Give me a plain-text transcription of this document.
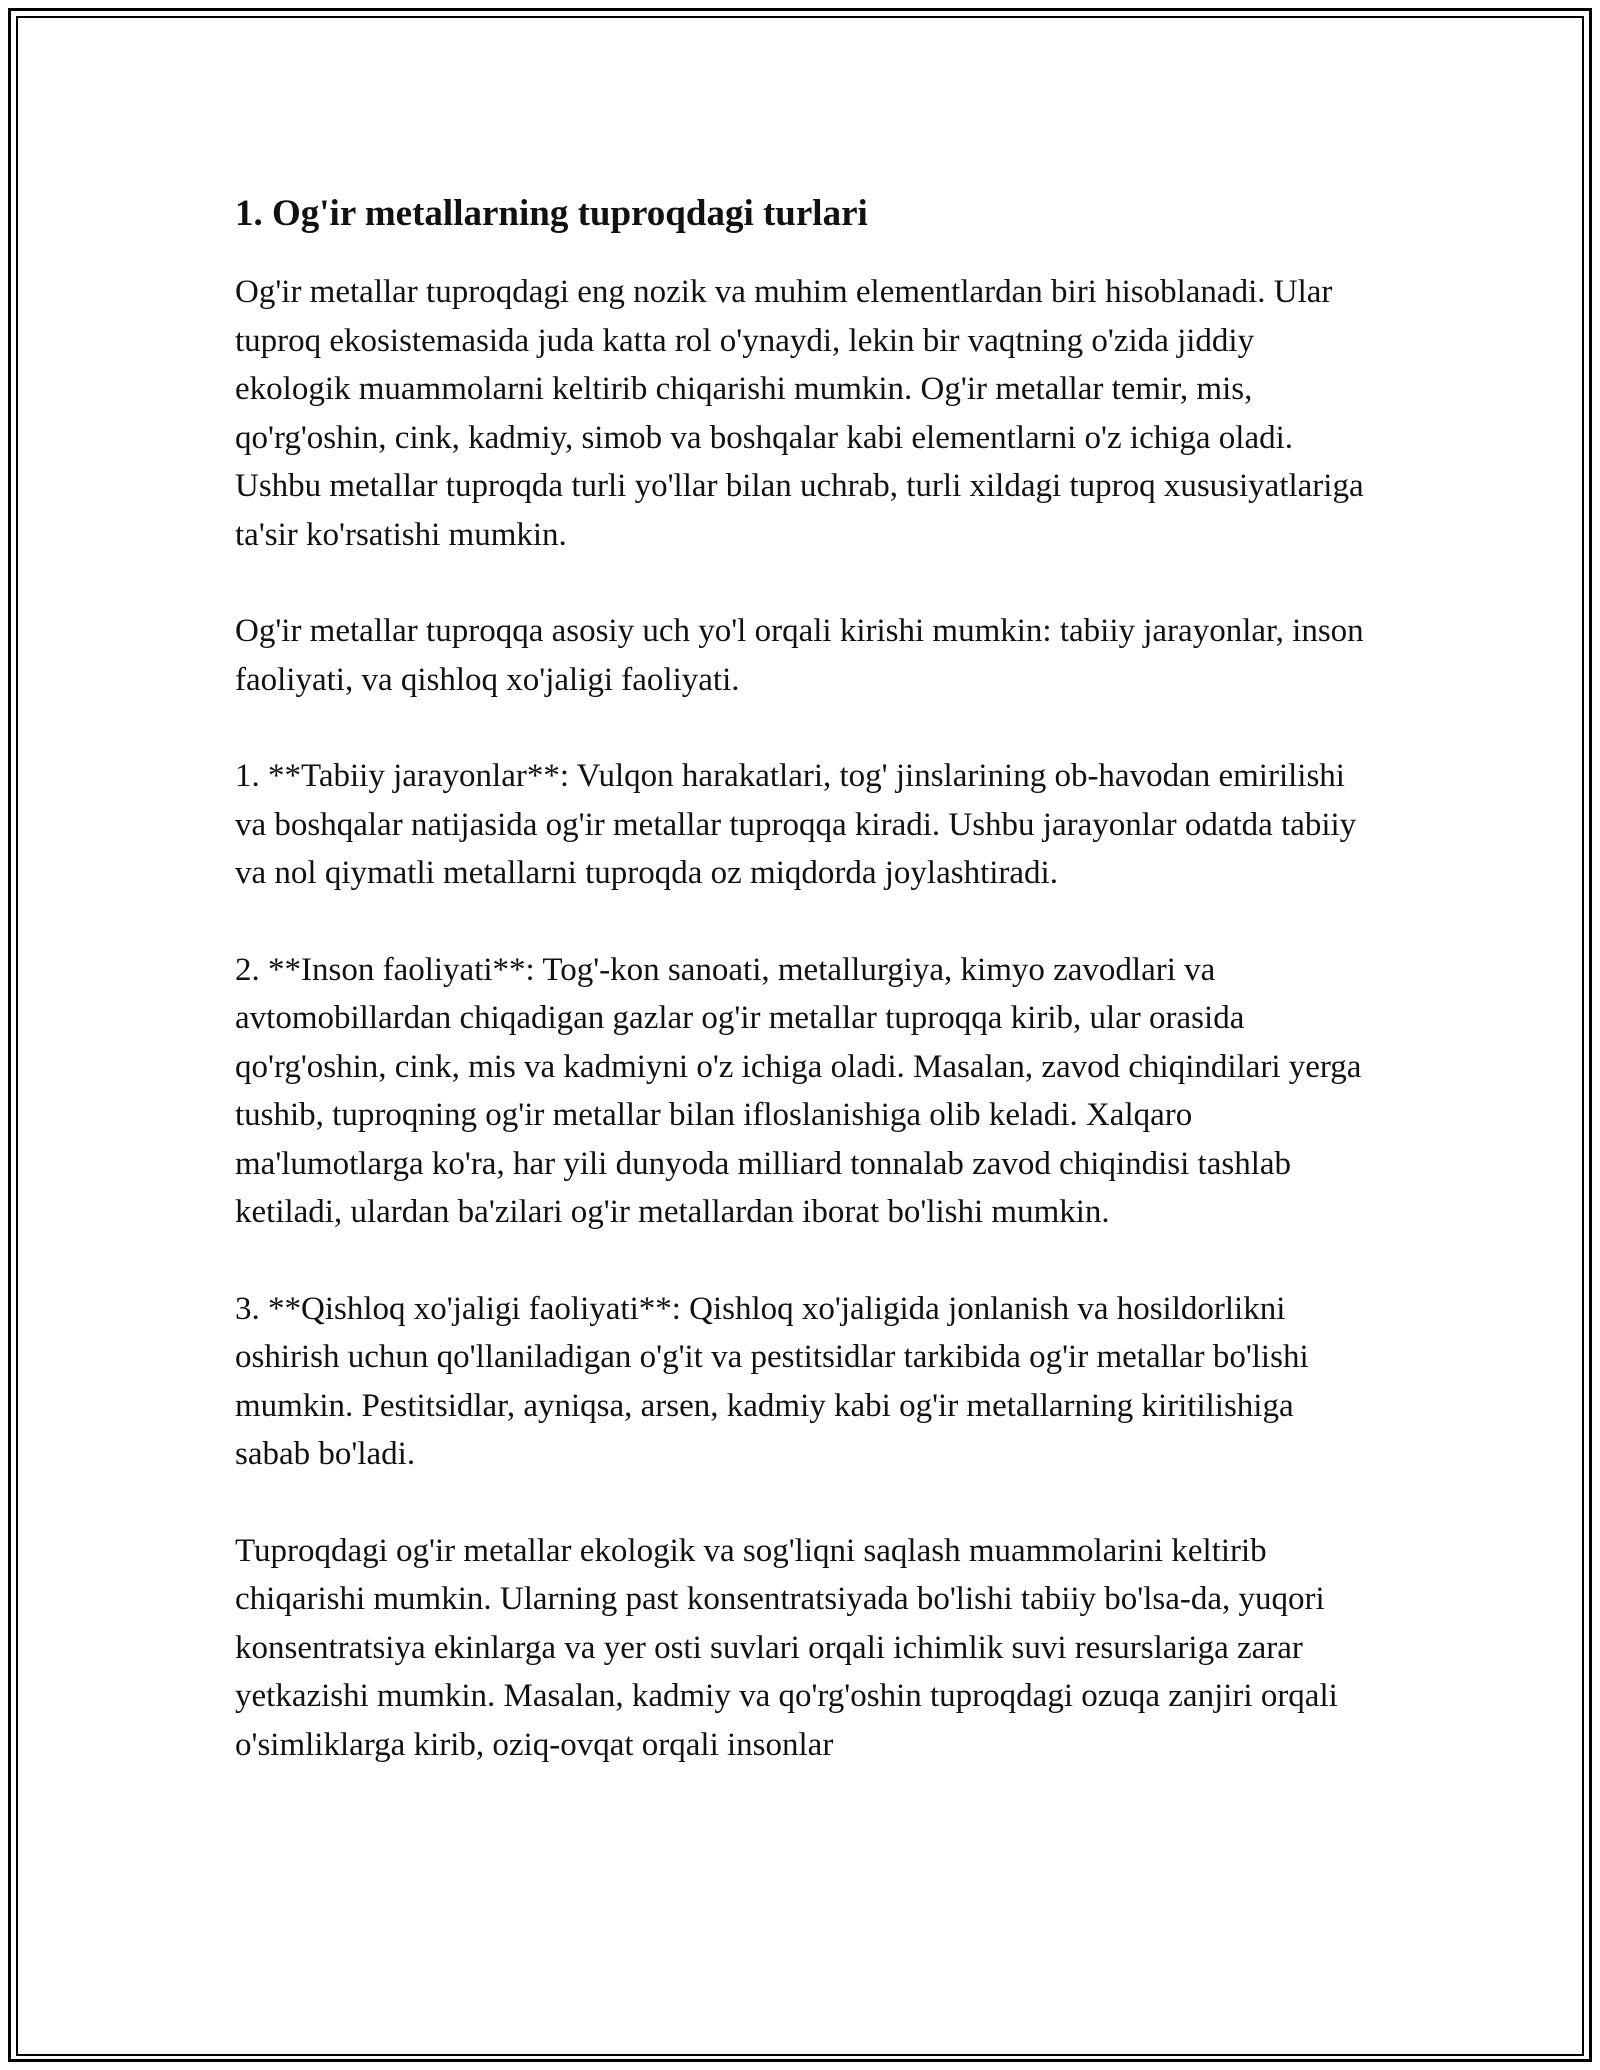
1. Og'ir metallarning tuproqdagi turlari

Og'ir metallar tuproqdagi eng nozik va muhim elementlardan biri hisoblanadi. Ular tuproq ekosistemasida juda katta rol o'ynaydi, lekin bir vaqtning o'zida jiddiy ekologik muammolarni keltirib chiqarishi mumkin. Og'ir metallar temir, mis, qo'rg'oshin, cink, kadmiy, simob va boshqalar kabi elementlarni o'z ichiga oladi. Ushbu metallar tuproqda turli yo'llar bilan uchrab, turli xildagi tuproq xususiyatlariga ta'sir ko'rsatishi mumkin.

Og'ir metallar tuproqqa asosiy uch yo'l orqali kirishi mumkin: tabiiy jarayonlar, inson faoliyati, va qishloq xo'jaligi faoliyati.

1. **Tabiiy jarayonlar**: Vulqon harakatlari, tog' jinslarining ob-havodan emirilishi va boshqalar natijasida og'ir metallar tuproqqa kiradi. Ushbu jarayonlar odatda tabiiy va nol qiymatli metallarni tuproqda oz miqdorda joylashtiradi.

2. **Inson faoliyati**: Tog'-kon sanoati, metallurgiya, kimyo zavodlari va avtomobillardan chiqadigan gazlar og'ir metallar tuproqqa kirib, ular orasida qo'rg'oshin, cink, mis va kadmiyni o'z ichiga oladi. Masalan, zavod chiqindilari yerga tushib, tuproqning og'ir metallar bilan ifloslanishiga olib keladi. Xalqaro ma'lumotlarga ko'ra, har yili dunyoda milliard tonnalab zavod chiqindisi tashlab ketiladi, ulardan ba'zilari og'ir metallardan iborat bo'lishi mumkin.

3. **Qishloq xo'jaligi faoliyati**: Qishloq xo'jaligida jonlanish va hosildorlikni oshirish uchun qo'llaniladigan o'g'it va pestitsidlar tarkibida og'ir metallar bo'lishi mumkin. Pestitsidlar, ayniqsa, arsen, kadmiy kabi og'ir metallarning kiritilishiga sabab bo'ladi.

Tuproqdagi og'ir metallar ekologik va sog'liqni saqlash muammolarini keltirib chiqarishi mumkin. Ularning past konsentratsiyada bo'lishi tabiiy bo'lsa-da, yuqori konsentratsiya ekinlarga va yer osti suvlari orqali ichimlik suvi resurslariga zarar yetkazishi mumkin. Masalan, kadmiy va qo'rg'oshin tuproqdagi ozuqa zanjiri orqali o'simliklarga kirib, oziq-ovqat orqali insonlar
